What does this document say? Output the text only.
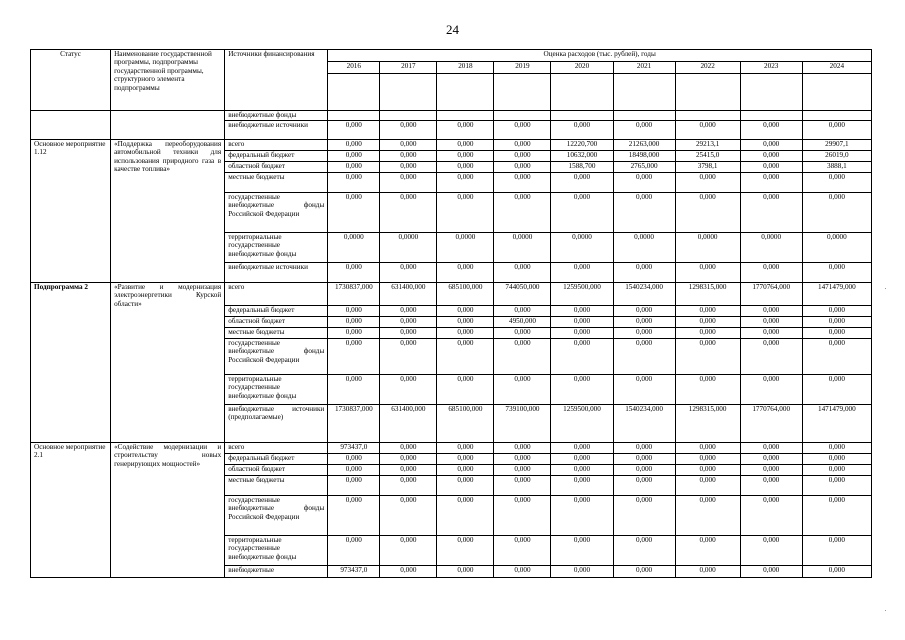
24
Статус	Наименование государственной программы, подпрограммы государственной программы, структурного элемента подпрограммы	Источники финансирования	Оценка расходов (тыс. рублей), годы								
			2016	2017	2018	2019	2020	2021	2022	2023	2024

		внебюджетные фонды									
		внебюджетные источники	0,000	0,000	0,000	0,000	0,000	0,000	0,000	0,000	0,000
Основное мероприятие 1.12	«Поддержка переоборудования автомобильной техники для использования природного газа в качестве топлива»	всего	0,000	0,000	0,000	0,000	12220,700	21263,000	29213,1	0,000	29907,1
		федеральный бюджет	0,000	0,000	0,000	0,000	10632,000	18498,000	25415,0	0,000	26019,0
		областной бюджет	0,000	0,000	0,000	0,000	1588,700	2765,000	3798,1	0,000	3888,1
		местные бюджеты	0,000	0,000	0,000	0,000	0,000	0,000	0,000	0,000	0,000
		государственные внебюджетные фонды Российской Федерации	0,000	0,000	0,000	0,000	0,000	0,000	0,000	0,000	0,000
		территориальные государственные внебюджетные фонды	0,0000	0,0000	0,0000	0,0000	0,0000	0,0000	0,0000	0,0000	0,0000
		внебюджетные источники	0,000	0,000	0,000	0,000	0,000	0,000	0,000	0,000	0,000
Подпрограмма 2	«Развитие и модернизация электроэнергетики Курской области»	всего	1730837,000	631400,000	685100,000	744050,000	1259500,000	1540234,000	1298315,000	1770764,000	1471479,000
		федеральный бюджет	0,000	0,000	0,000	0,000	0,000	0,000	0,000	0,000	0,000
		областной бюджет	0,000	0,000	0,000	4950,000	0,000	0,000	0,000	0,000	0,000
		местные бюджеты	0,000	0,000	0,000	0,000	0,000	0,000	0,000	0,000	0,000
		государственные внебюджетные фонды Российской Федерации	0,000	0,000	0,000	0,000	0,000	0,000	0,000	0,000	0,000
		территориальные государственные внебюджетные фонды	0,000	0,000	0,000	0,000	0,000	0,000	0,000	0,000	0,000
		внебюджетные источники (предполагаемые)	1730837,000	631400,000	685100,000	739100,000	1259500,000	1540234,000	1298315,000	1770764,000	1471479,000
Основное мероприятие 2.1	«Содействие модернизации и строительству новых генерирующих мощностей»	всего	973437,0	0,000	0,000	0,000	0,000	0,000	0,000	0,000	0,000
		федеральный бюджет	0,000	0,000	0,000	0,000	0,000	0,000	0,000	0,000	0,000
		областной бюджет	0,000	0,000	0,000	0,000	0,000	0,000	0,000	0,000	0,000
		местные бюджеты	0,000	0,000	0,000	0,000	0,000	0,000	0,000	0,000	0,000
		государственные внебюджетные фонды Российской Федерации	0,000	0,000	0,000	0,000	0,000	0,000	0,000	0,000	0,000
		территориальные государственные внебюджетные фонды	0,000	0,000	0,000	0,000	0,000	0,000	0,000	0,000	0,000
		внебюджетные	973437,0	0,000	0,000	0,000	0,000	0,000	0,000	0,000	0,000
